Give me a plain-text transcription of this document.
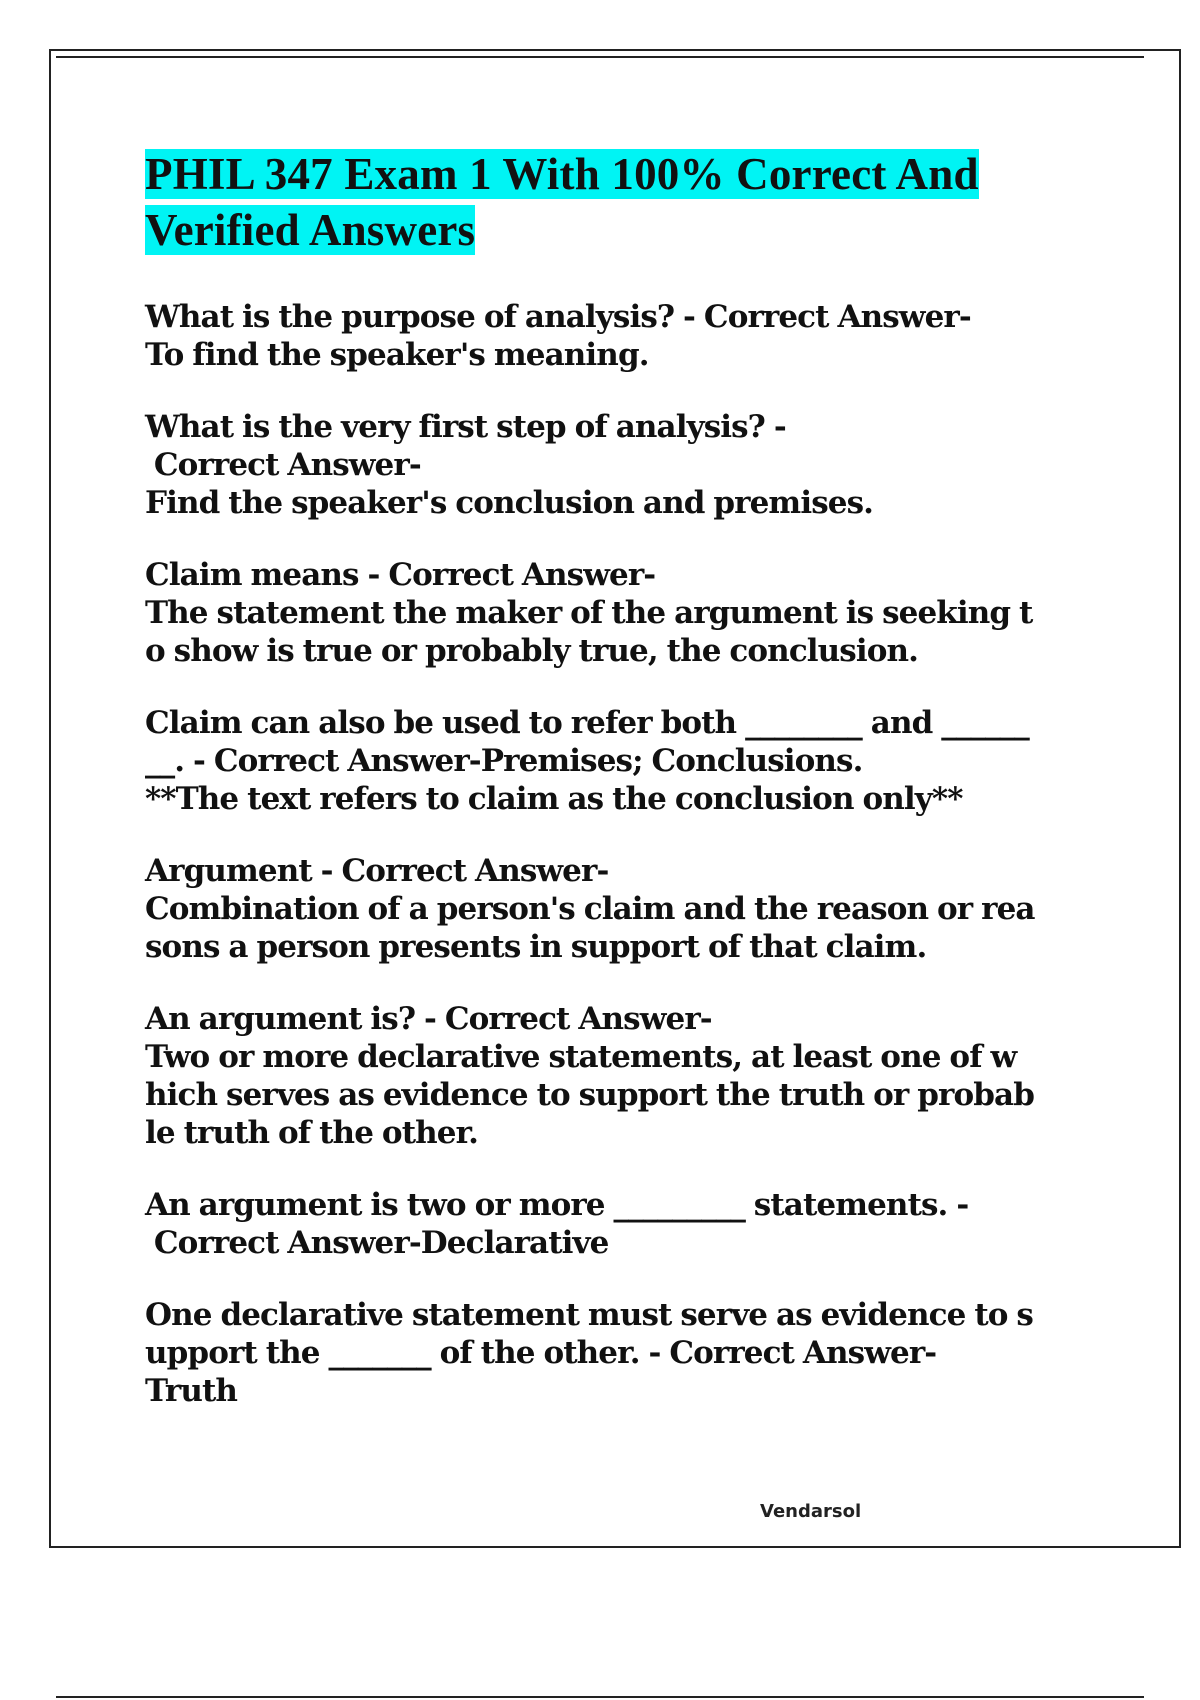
PHIL 347 Exam 1 With 100% Correct And Verified Answers

What is the purpose of analysis? - Correct Answer-
To find the speaker's meaning.

What is the very first step of analysis? -
Correct Answer-
Find the speaker's conclusion and premises.

Claim means - Correct Answer-
The statement the maker of the argument is seeking t
o show is true or probably true, the conclusion.

Claim can also be used to refer both ________ and ______
__. - Correct Answer-Premises; Conclusions.
**The text refers to claim as the conclusion only**

Argument - Correct Answer-
Combination of a person's claim and the reason or rea
sons a person presents in support of that claim.

An argument is? - Correct Answer-
Two or more declarative statements, at least one of w
hich serves as evidence to support the truth or probab
le truth of the other.

An argument is two or more _________ statements. -
Correct Answer-Declarative

One declarative statement must serve as evidence to s
upport the _______ of the other. - Correct Answer-
Truth

Vendarsol
